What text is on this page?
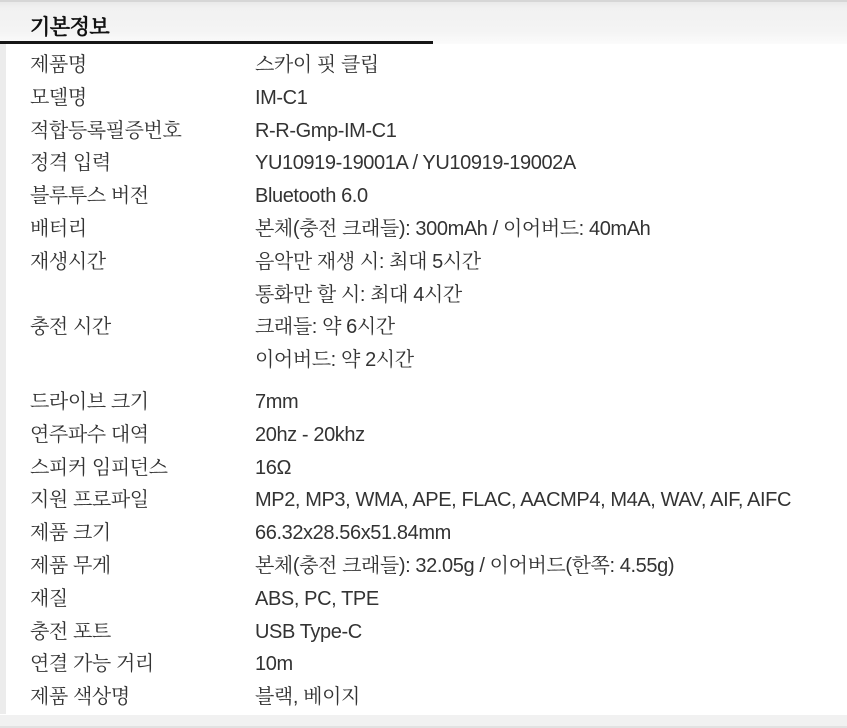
기본정보
제품명	스카이 핏 클립
모델명	IM-C1
적합등록필증번호	R-R-Gmp-IM-C1
정격 입력	YU10919-19001A / YU10919-19002A
블루투스 버전	Bluetooth 6.0
배터리	본체(충전 크래들): 300mAh / 이어버드: 40mAh
재생시간	음악만 재생 시: 최대 5시간
통화만 할 시: 최대 4시간
충전 시간	크래들: 약 6시간
이어버드: 약 2시간
드라이브 크기	7mm
연주파수 대역	20hz - 20khz
스피커 임피던스	16Ω
지원 프로파일	MP2, MP3, WMA, APE, FLAC, AACMP4, M4A, WAV, AIF, AIFC
제품 크기	66.32x28.56x51.84mm
제품 무게	본체(충전 크래들): 32.05g / 이어버드(한쪽: 4.55g)
재질	ABS, PC, TPE
충전 포트	USB Type-C
연결 가능 거리	10m
제품 색상명	블랙, 베이지
